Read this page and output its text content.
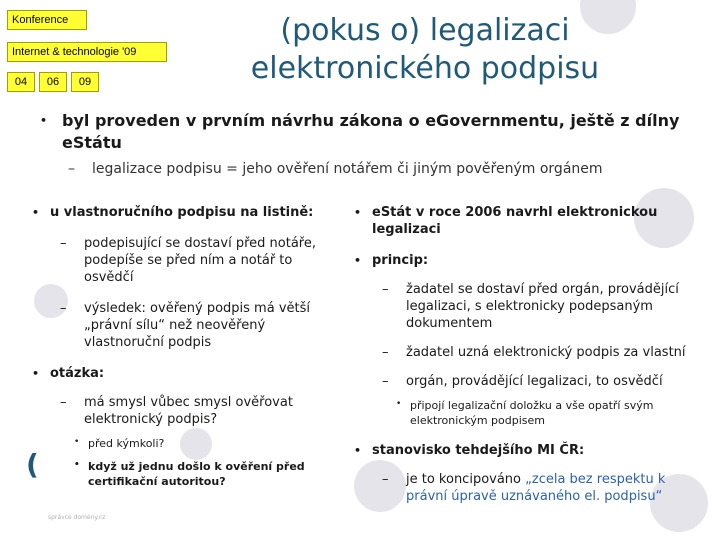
Konference
Internet & technologie '09
04	06	09
(pokus o) legalizaci
elektronického podpisu
• byl proveden v prvním návrhu zákona o eGovernmentu, ještě z dílny eStátu
– legalizace podpisu = jeho ověření notářem či jiným pověřeným orgánem
• u vlastnoručního podpisu na listině:
– podepisující se dostaví před notáře, podepíše se před ním a notář to osvědčí
– výsledek: ověřený podpis má větší „právní sílu“ než neověřený vlastnoruční podpis
• otázka:
– má smysl vůbec smysl ověřovat elektronický podpis?
• před kýmkoli?
• když už jednu došlo k ověření před certifikační autoritou?
• eStát v roce 2006 navrhl elektronickou legalizaci
• princip:
– žadatel se dostaví před orgán, provádějící legalizaci, s elektronicky podepsaným dokumentem
– žadatel uzná elektronický podpis za vlastní
– orgán, provádějící legalizaci, to osvědčí
• připojí legalizační doložku a vše opatří svým elektronickým podpisem
• stanovisko tehdejšího MI ČR:
– je to koncipováno „zcela bez respektu k právní úpravě uznávaného el. podpisu“
(
správce domény.cz
